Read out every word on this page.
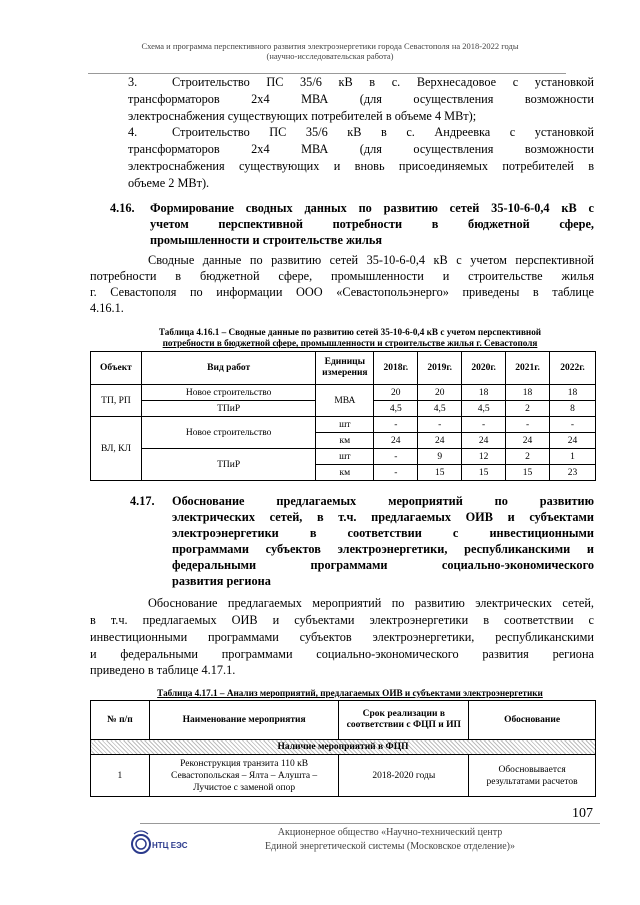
Схема и программа перспективного развития электроэнергетики города Севастополя на 2018-2022 годы
(научно-исследовательская работа)
3.	Строительство ПС 35/6 кВ в с. Верхнесадовое с установкой
трансформаторов 2х4 МВА (для осуществления возможности
электроснабжения существующих потребителей в объеме 4 МВт);
4.	Строительство ПС 35/6 кВ в с. Андреевка с установкой
трансформаторов 2х4 МВА (для осуществления возможности
электроснабжения существующих и вновь присоединяемых потребителей в
объеме 2 МВт).
4.16. Формирование сводных данных по развитию сетей 35-10-6-0,4 кВ с
учетом перспективной потребности в бюджетной сфере,
промышленности и строительстве жилья
Сводные данные по развитию сетей 35-10-6-0,4 кВ с учетом перспективной
потребности в бюджетной сфере, промышленности и строительстве жилья
г. Севастополя по информации ООО «Севастопольэнерго» приведены в таблице
4.16.1.
Таблица 4.16.1 – Сводные данные по развитию сетей 35-10-6-0,4 кВ с учетом перспективной
потребности в бюджетной сфере, промышленности и строительстве жилья г. Севастополя
Объект	Вид работ	Единицы измерения	2018г.	2019г.	2020г.	2021г.	2022г.
ТП, РП	Новое строительство	МВА	20	20	18	18	18
	ТПиР		4,5	4,5	4,5	2	8
ВЛ, КЛ	Новое строительство	шт	-	-	-	-	-
		км	24	24	24	24	24
	ТПиР	шт	-	9	12	2	1
		км	-	15	15	15	23
4.17. Обоснование предлагаемых мероприятий по развитию
электрических сетей, в т.ч. предлагаемых ОИВ и субъектами
электроэнергетики в соответствии с инвестиционными
программами субъектов электроэнергетики, республиканскими и
федеральными программами социально-экономического
развития региона
Обоснование предлагаемых мероприятий по развитию электрических сетей,
в т.ч. предлагаемых ОИВ и субъектами электроэнергетики в соответствии с
инвестиционными программами субъектов электроэнергетики, республиканскими
и федеральными программами социально-экономического развития региона
приведено в таблице 4.17.1.
Таблица 4.17.1 – Анализ мероприятий, предлагаемых ОИВ и субъектами электроэнергетики
№ п/п	Наименование мероприятия	Срок реализации в соответствии с ФЦП и ИП	Обоснование
Наличие мероприятий в ФЦП			
1	Реконструкция транзита 110 кВ Севастопольская – Ялта – Алушта – Лучистое с заменой опор	2018-2020 годы	Обосновывается результатами расчетов
107
НТЦ ЕЭС
Акционерное общество «Научно-технический центр
Единой энергетической системы (Московское отделение)»
